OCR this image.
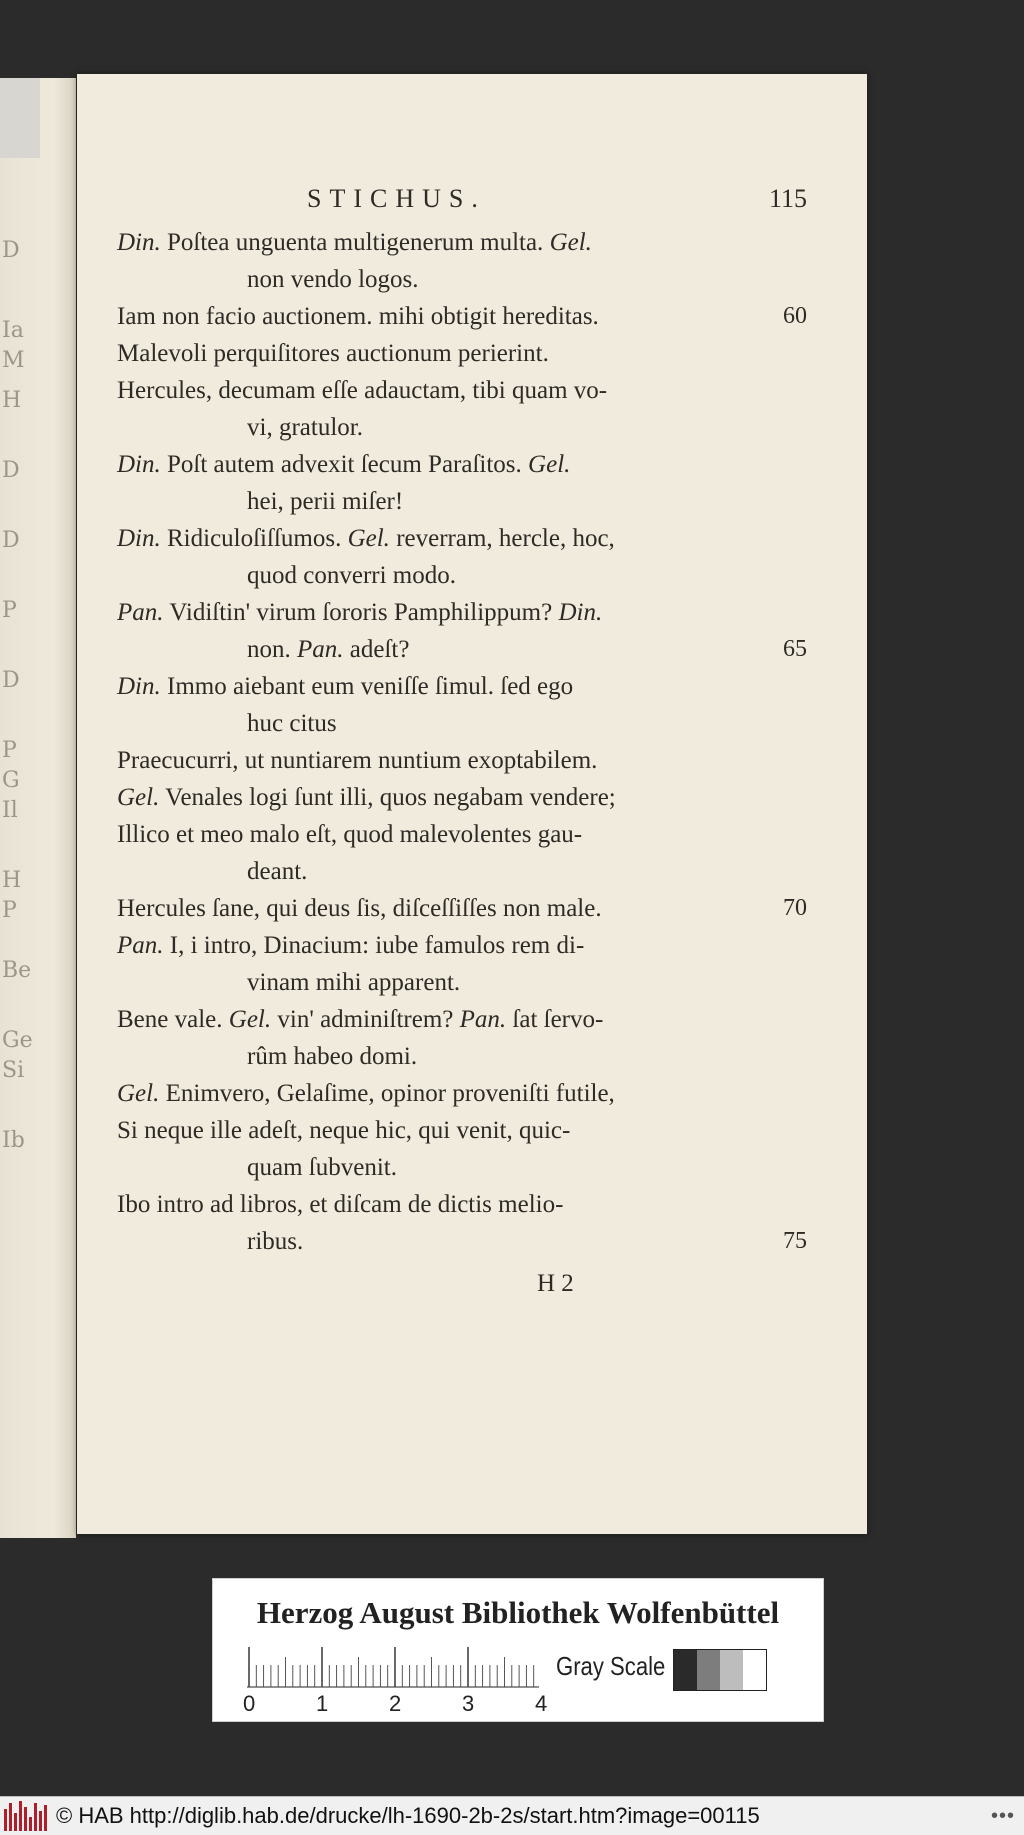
D
Ia
M
H
D
D
P
D
P
G
Il
H
P
Be
Ge
Si
Ib
STICHUS.	115
Din. Poſtea unguenta multigenerum multa. Gel.
non vendo logos.
Iam non facio auctionem. mihi obtigit hereditas.	60
Malevoli perquiſitores auctionum perierint.
Hercules, decumam eſſe adauctam, tibi quam vo-
vi, gratulor.
Din. Poſt autem advexit ſecum Paraſitos. Gel.
hei, perii miſer!
Din. Ridiculoſiſſumos. Gel. reverram, hercle, hoc,
quod converri modo.
Pan. Vidiſtin' virum ſororis Pamphilippum? Din.
non. Pan. adeſt?	65
Din. Immo aiebant eum veniſſe ſimul. ſed ego
huc citus
Praecucurri, ut nuntiarem nuntium exoptabilem.
Gel. Venales logi ſunt illi, quos negabam vendere;
Illico et meo malo eſt, quod malevolentes gau-
deant.
Hercules ſane, qui deus ſis, diſceſſiſſes non male.	70
Pan. I, i intro, Dinacium: iube famulos rem di-
vinam mihi apparent.
Bene vale. Gel. vin' adminiſtrem? Pan. ſat ſervo-
rûm habeo domi.
Gel. Enimvero, Gelaſime, opinor proveniſti futile,
Si neque ille adeſt, neque hic, qui venit, quic-
quam ſubvenit.
Ibo intro ad libros, et diſcam de dictis melio-
ribus.	75
H 2
Herzog August Bibliothek Wolfenbüttel
0	1	2	3	4
Gray Scale
© HAB http://diglib.hab.de/drucke/lh-1690-2b-2s/start.htm?image=00115	•••
